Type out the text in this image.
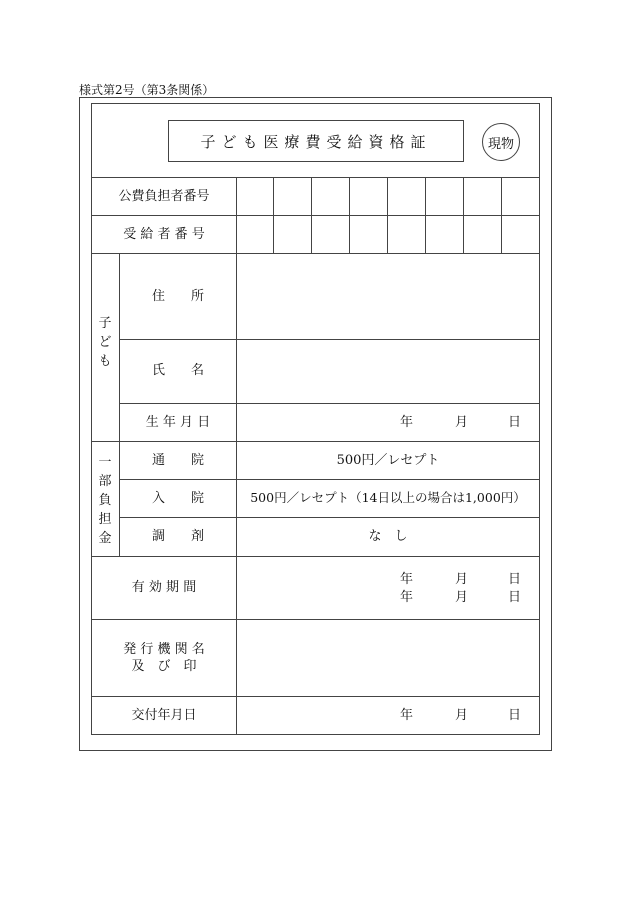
様式第2号（第3条関係）
子ども医療費受給資格証	現物
公費負担者番号
受 給 者 番 号
子ども
住　　所
氏　　名
生 年 月 日	年	月	日
一部負担金
通　　院	500円／レセプト
入　　院	500円／レセプト（14日以上の場合は1,000円）
調　　剤	な　し
有 効 期 間
年	月	日
年	月	日
発 行 機 関 名
及　び　印
交付年月日	年	月	日
